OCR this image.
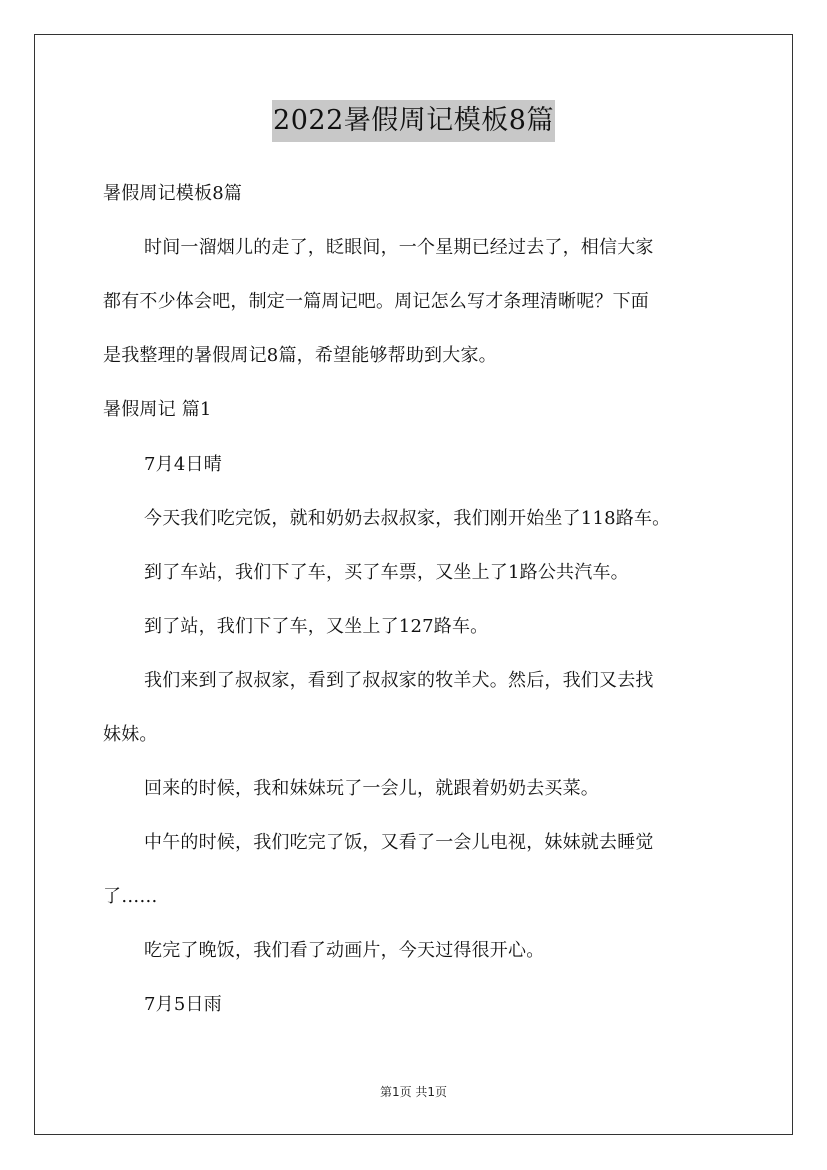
2022暑假周记模板8篇
暑假周记模板8篇
时间一溜烟儿的走了，眨眼间，一个星期已经过去了，相信大家
都有不少体会吧，制定一篇周记吧。周记怎么写才条理清晰呢？下面
是我整理的暑假周记8篇，希望能够帮助到大家。
暑假周记 篇1
7月4日晴
今天我们吃完饭，就和奶奶去叔叔家，我们刚开始坐了118路车。
到了车站，我们下了车，买了车票，又坐上了1路公共汽车。
到了站，我们下了车，又坐上了127路车。
我们来到了叔叔家，看到了叔叔家的牧羊犬。然后，我们又去找
妹妹。
回来的时候，我和妹妹玩了一会儿，就跟着奶奶去买菜。
中午的时候，我们吃完了饭，又看了一会儿电视，妹妹就去睡觉
了……
吃完了晚饭，我们看了动画片，今天过得很开心。
7月5日雨
第1页 共1页
